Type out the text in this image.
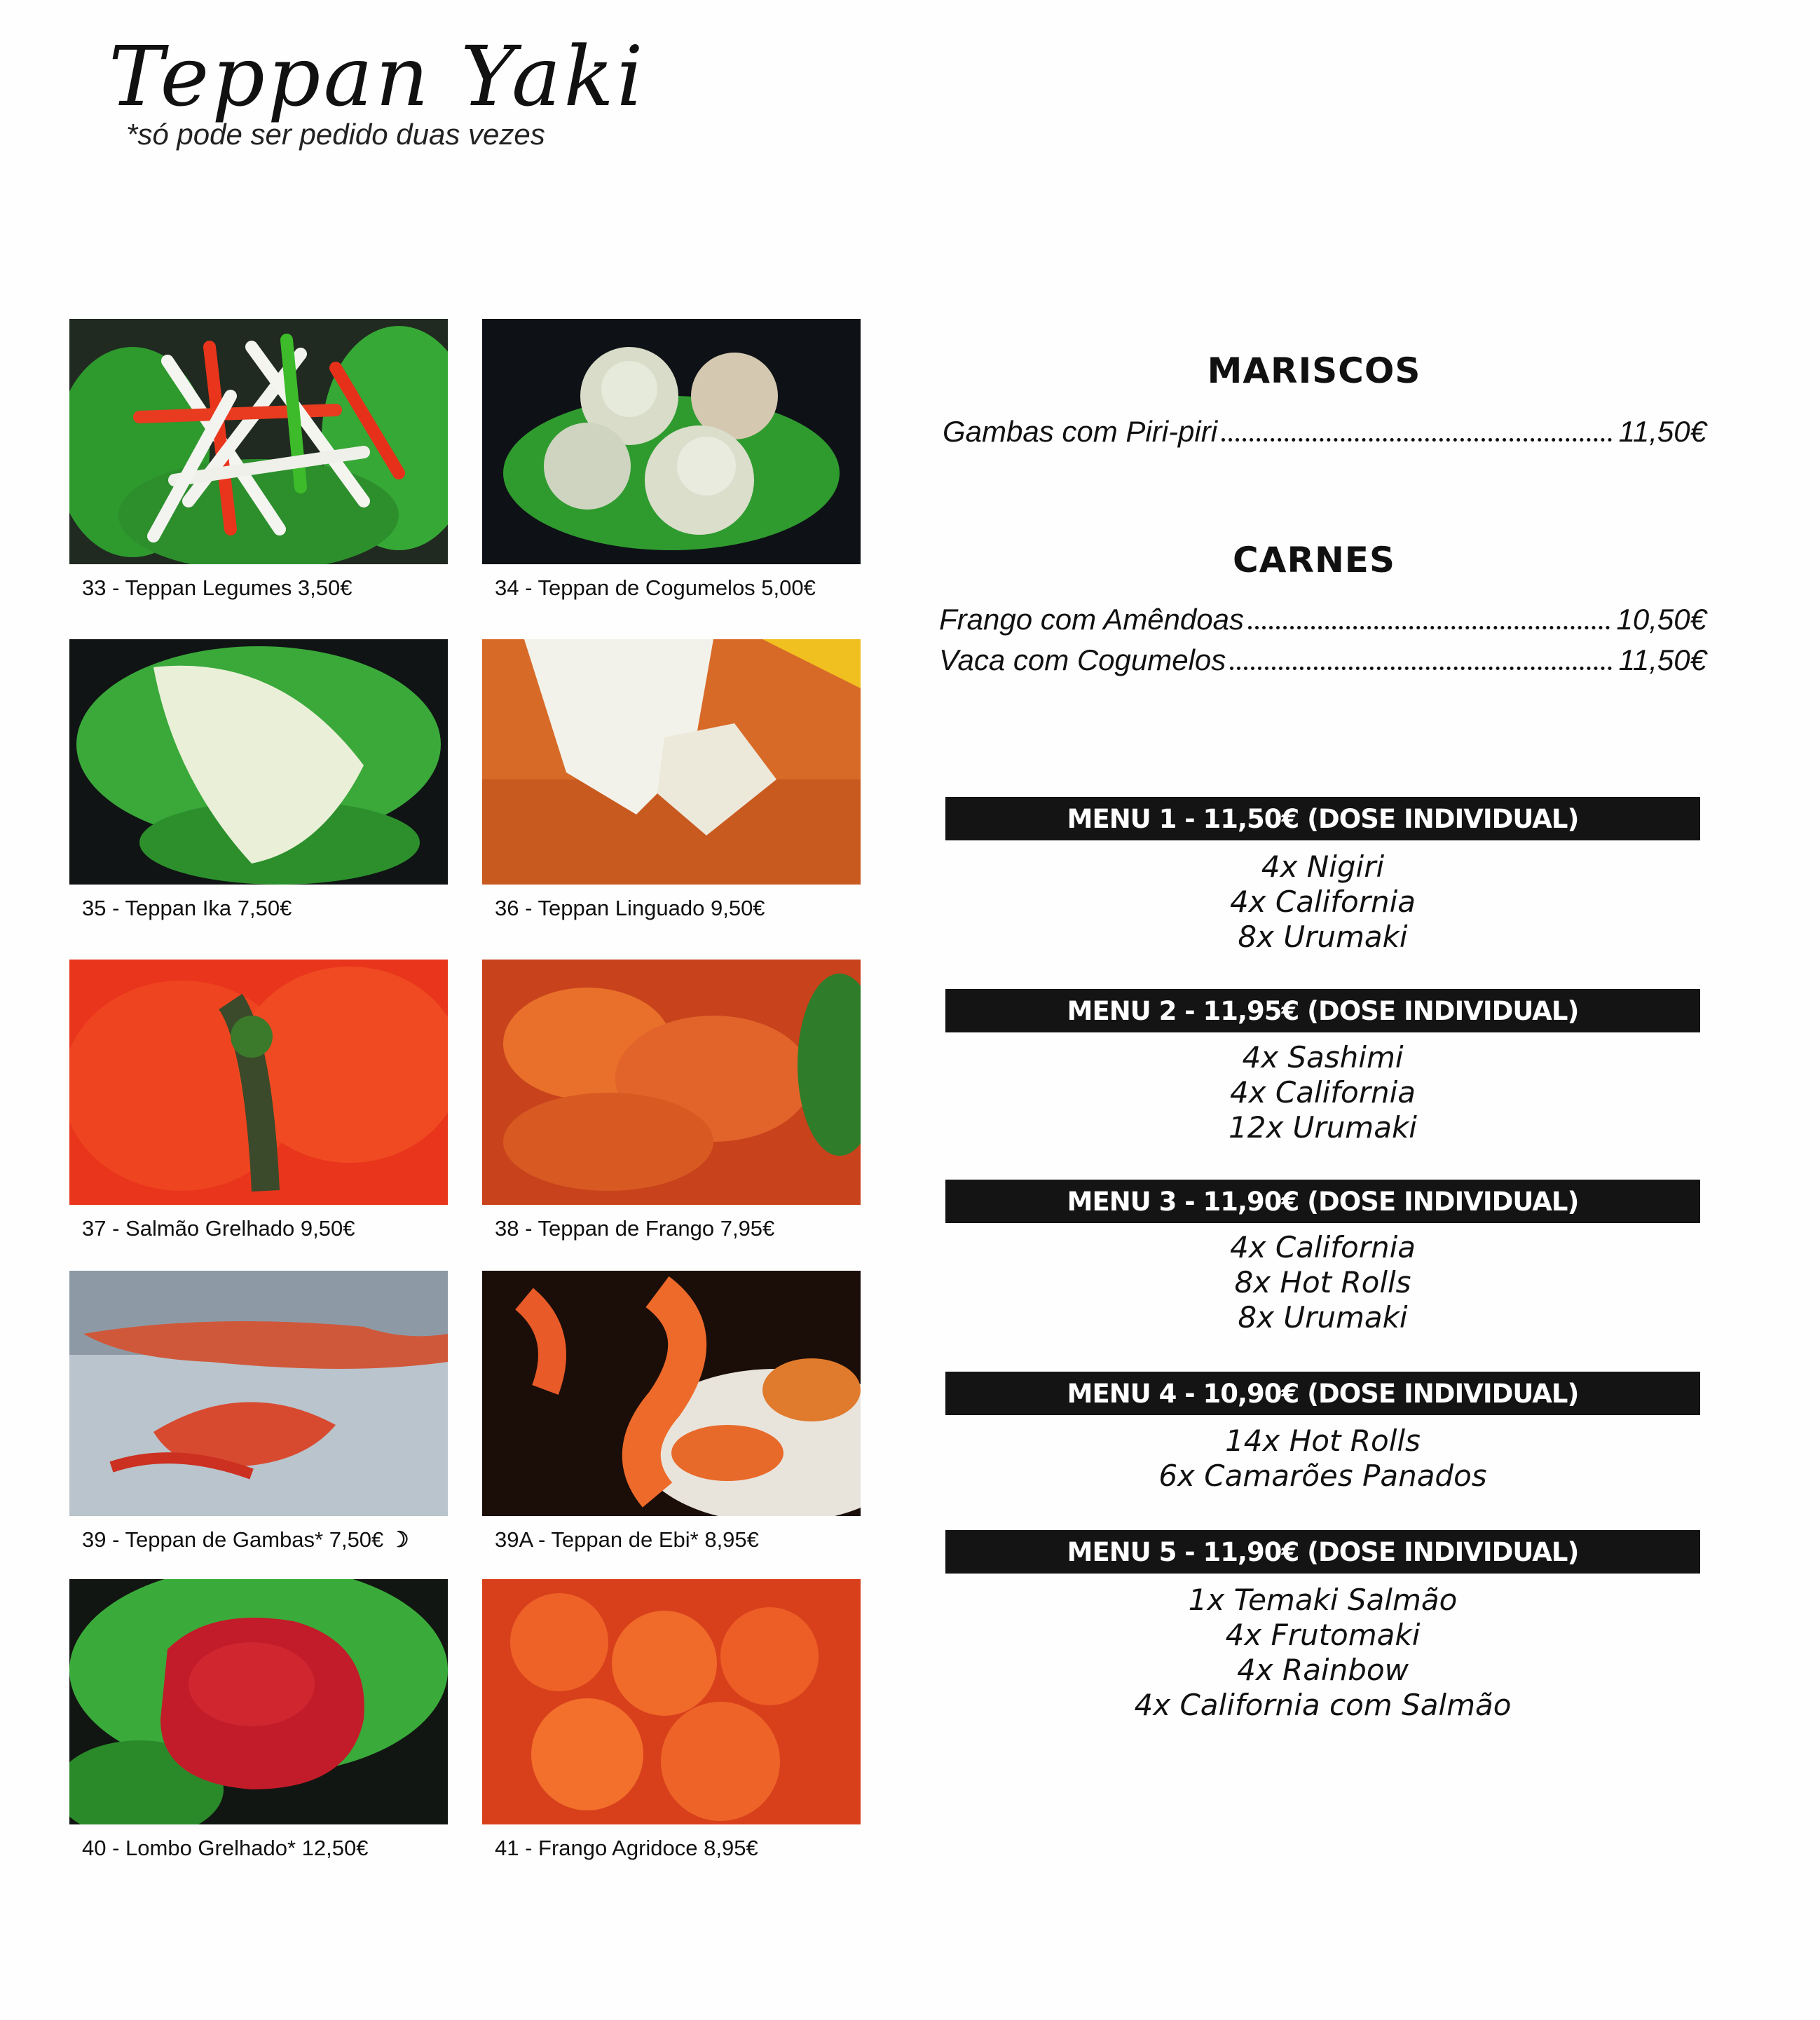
Teppan Yaki
*só pode ser pedido duas vezes
33 - Teppan Legumes 3,50€	34 - Teppan de Cogumelos 5,00€
35 - Teppan Ika 7,50€	36 - Teppan Linguado 9,50€
37 - Salmão Grelhado 9,50€	38 - Teppan de Frango 7,95€
39 - Teppan de Gambas* 7,50€ ☽	39A - Teppan de Ebi* 8,95€
40 - Lombo Grelhado* 12,50€	41 - Frango Agridoce 8,95€
MARISCOS
Gambas com Piri-piri	11,50€
CARNES
Frango com Amêndoas	10,50€
Vaca com Cogumelos	11,50€
MENU 1 - 11,50€ (DOSE INDIVIDUAL)
4x Nigiri
4x California
8x Urumaki
MENU 2 - 11,95€ (DOSE INDIVIDUAL)
4x Sashimi
4x California
12x Urumaki
MENU 3 - 11,90€ (DOSE INDIVIDUAL)
4x California
8x Hot Rolls
8x Urumaki
MENU 4 - 10,90€ (DOSE INDIVIDUAL)
14x Hot Rolls
6x Camarões Panados
MENU 5 - 11,90€ (DOSE INDIVIDUAL)
1x Temaki Salmão
4x Frutomaki
4x Rainbow
4x California com Salmão
